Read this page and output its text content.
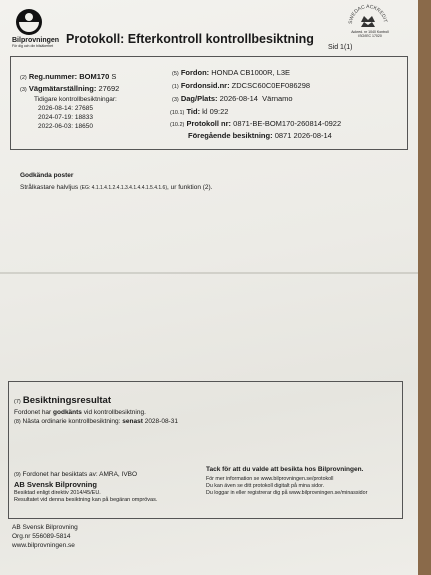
Bilprovningen
För dig och din bilsäkerhet
SWEDAC ACKREDIT
Ackred. nr 1040 Kontroll ISO/IEC 17020
Protokoll: Efterkontroll kontrollbesiktning
Sid 1(1)
(2) Reg.nummer: BOM170 S
(3) Vägmätarställning: 27692
Tidigare kontrollbesiktningar:
2026-08-14: 27685
2024-07-19: 18833
2022-06-03: 18650
(5) Fordon: HONDA CB1000R, L3E
(1) Fordonsid.nr: ZDCSC60C0EF086298
(3) Dag/Plats: 2026-08-14 Värnamo
(10.1) Tid: kl 09:22
(10.2) Protokoll nr: 0871-BE-BOM170-260814-0922
Föregående besiktning: 0871 2026-08-14
Godkända poster
Strålkastare halvljus (EG: 4.1.1.4.1.2.4.1.3.4.1.4.4.1.5.4.1.6), ur funktion (2).
(7) Besiktningsresultat
Fordonet har godkänts vid kontrollbesiktning.
(8) Nästa ordinarie kontrollbesiktning: senast 2028-08-31
(9) Fordonet har besiktats av: AMRA, IVBO
AB Svensk Bilprovning
Besiktad enligt direktiv 2014/45/EU.
Resultatet vid denna besiktning kan på begäran omprövas.
Tack för att du valde att besikta hos Bilprovningen.
För mer information se www.bilprovningen.se/protokoll
Du kan även se ditt protokoll digitalt på mina sidor.
Du loggar in eller registrerar dig på www.bilprovningen.se/minassidor
AB Svensk Bilprovning
Org.nr 556089-5814
www.bilprovningen.se
